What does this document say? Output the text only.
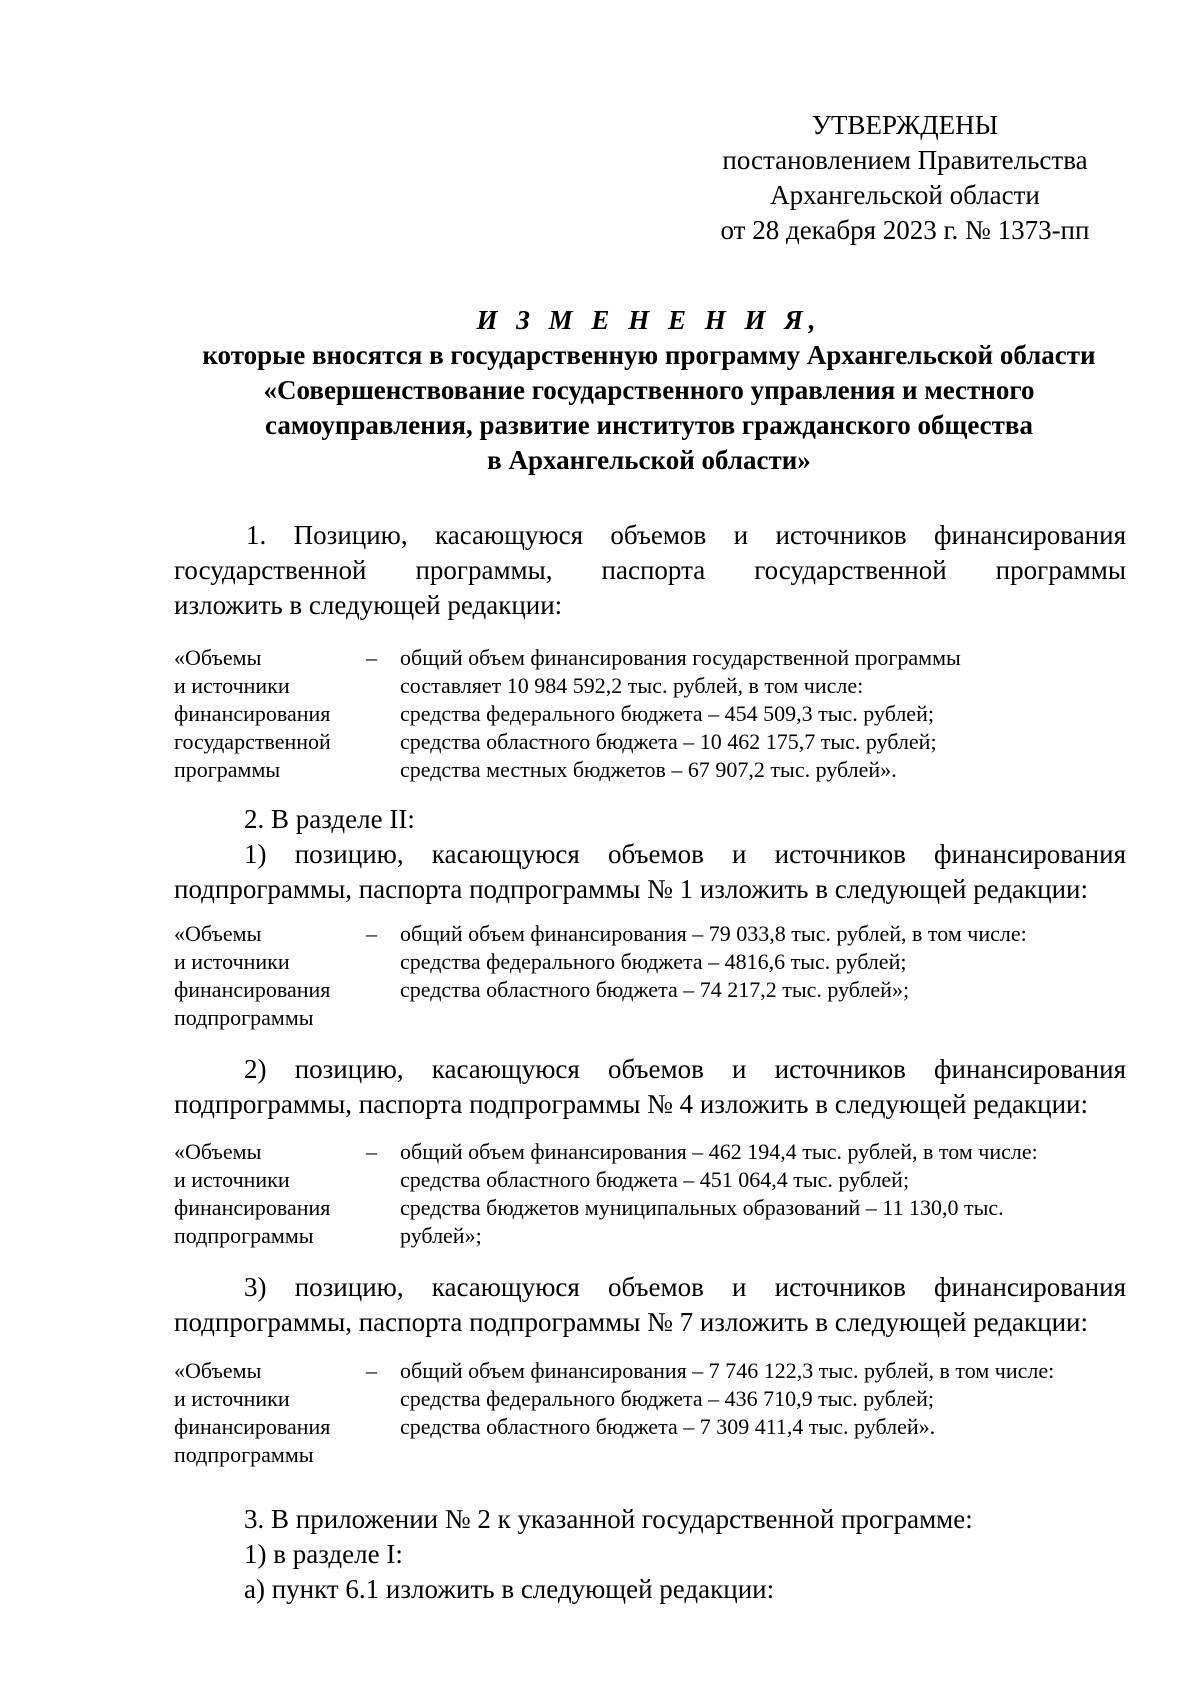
УТВЕРЖДЕНЫ
постановлением Правительства
Архангельской области
от 28 декабря 2023 г. № 1373-пп
И З М Е Н Е Н И Я,
которые вносятся в государственную программу Архангельской области
«Совершенствование государственного управления и местного
самоуправления, развитие институтов гражданского общества
в Архангельской области»
1. Позицию, касающуюся объемов и источников финансирования
государственной программы, паспорта государственной программы
изложить в следующей редакции:
«Объемы
и источники
финансирования
государственной
программы
– общий объем финансирования государственной программы
составляет 10 984 592,2 тыс. рублей, в том числе:
средства федерального бюджета – 454 509,3 тыс. рублей;
средства областного бюджета – 10 462 175,7 тыс. рублей;
средства местных бюджетов – 67 907,2 тыс. рублей».
2. В разделе II:
1) позицию, касающуюся объемов и источников финансирования
подпрограммы, паспорта подпрограммы № 1 изложить в следующей редакции:
«Объемы
и источники
финансирования
подпрограммы
– общий объем финансирования – 79 033,8 тыс. рублей, в том числе:
средства федерального бюджета – 4816,6 тыс. рублей;
средства областного бюджета – 74 217,2 тыс. рублей»;
2) позицию, касающуюся объемов и источников финансирования
подпрограммы, паспорта подпрограммы № 4 изложить в следующей редакции:
«Объемы
и источники
финансирования
подпрограммы
– общий объем финансирования – 462 194,4 тыс. рублей, в том числе:
средства областного бюджета – 451 064,4 тыс. рублей;
средства бюджетов муниципальных образований – 11 130,0 тыс.
рублей»;
3) позицию, касающуюся объемов и источников финансирования
подпрограммы, паспорта подпрограммы № 7 изложить в следующей редакции:
«Объемы
и источники
финансирования
подпрограммы
– общий объем финансирования – 7 746 122,3 тыс. рублей, в том числе:
средства федерального бюджета – 436 710,9 тыс. рублей;
средства областного бюджета – 7 309 411,4 тыс. рублей».
3. В приложении № 2 к указанной государственной программе:
1) в разделе I:
а) пункт 6.1 изложить в следующей редакции:
